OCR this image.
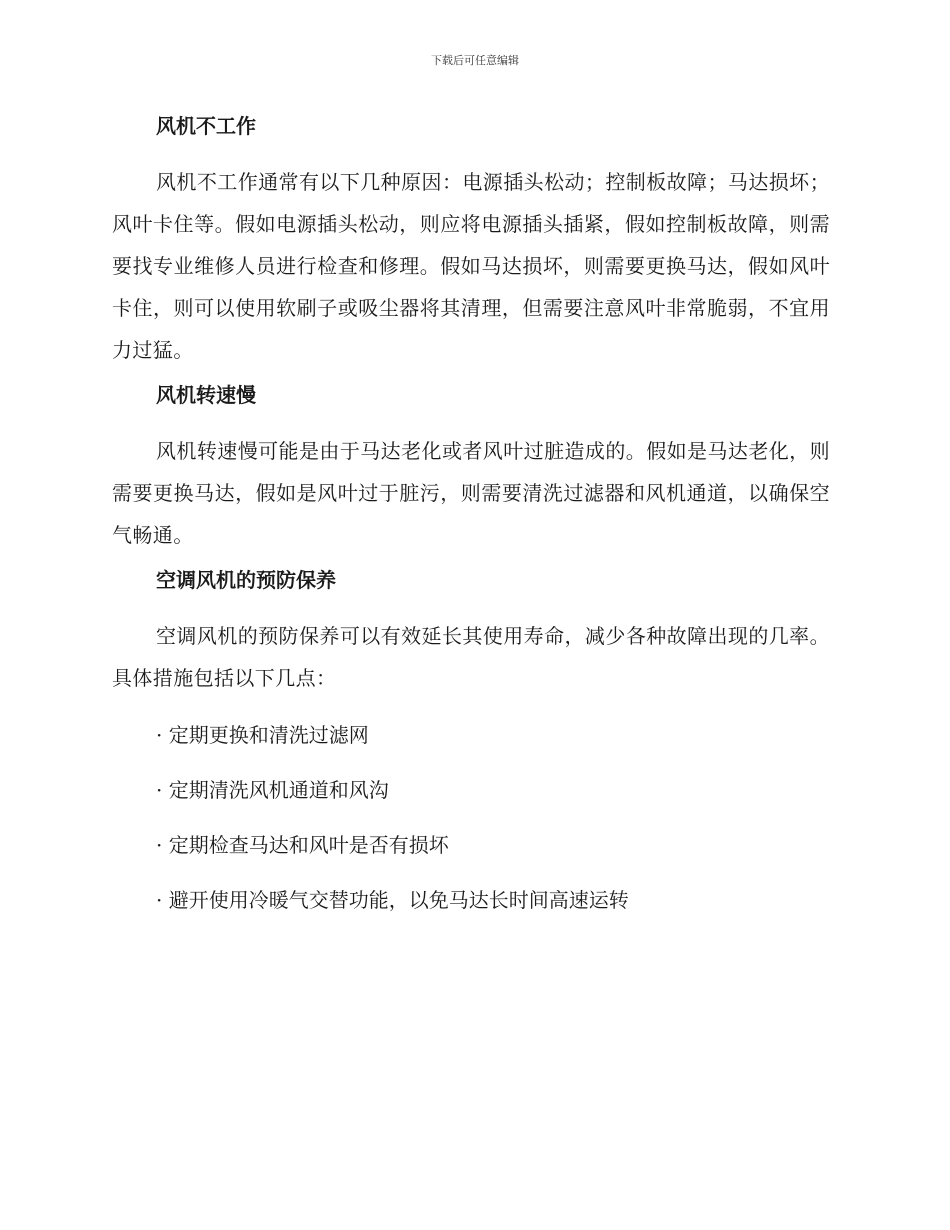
下载后可任意编辑
风机不工作

风机不工作通常有以下几种原因：电源插头松动；控制板故障；马达损坏；风叶卡住等。假如电源插头松动，则应将电源插头插紧，假如控制板故障，则需要找专业维修人员进行检查和修理。假如马达损坏，则需要更换马达，假如风叶卡住，则可以使用软刷子或吸尘器将其清理，但需要注意风叶非常脆弱，不宜用力过猛。

风机转速慢

风机转速慢可能是由于马达老化或者风叶过脏造成的。假如是马达老化，则需要更换马达，假如是风叶过于脏污，则需要清洗过滤器和风机通道，以确保空气畅通。

空调风机的预防保养

空调风机的预防保养可以有效延长其使用寿命，减少各种故障出现的几率。具体措施包括以下几点：

· 定期更换和清洗过滤网
· 定期清洗风机通道和风沟
· 定期检查马达和风叶是否有损坏
· 避开使用冷暖气交替功能，以免马达长时间高速运转
